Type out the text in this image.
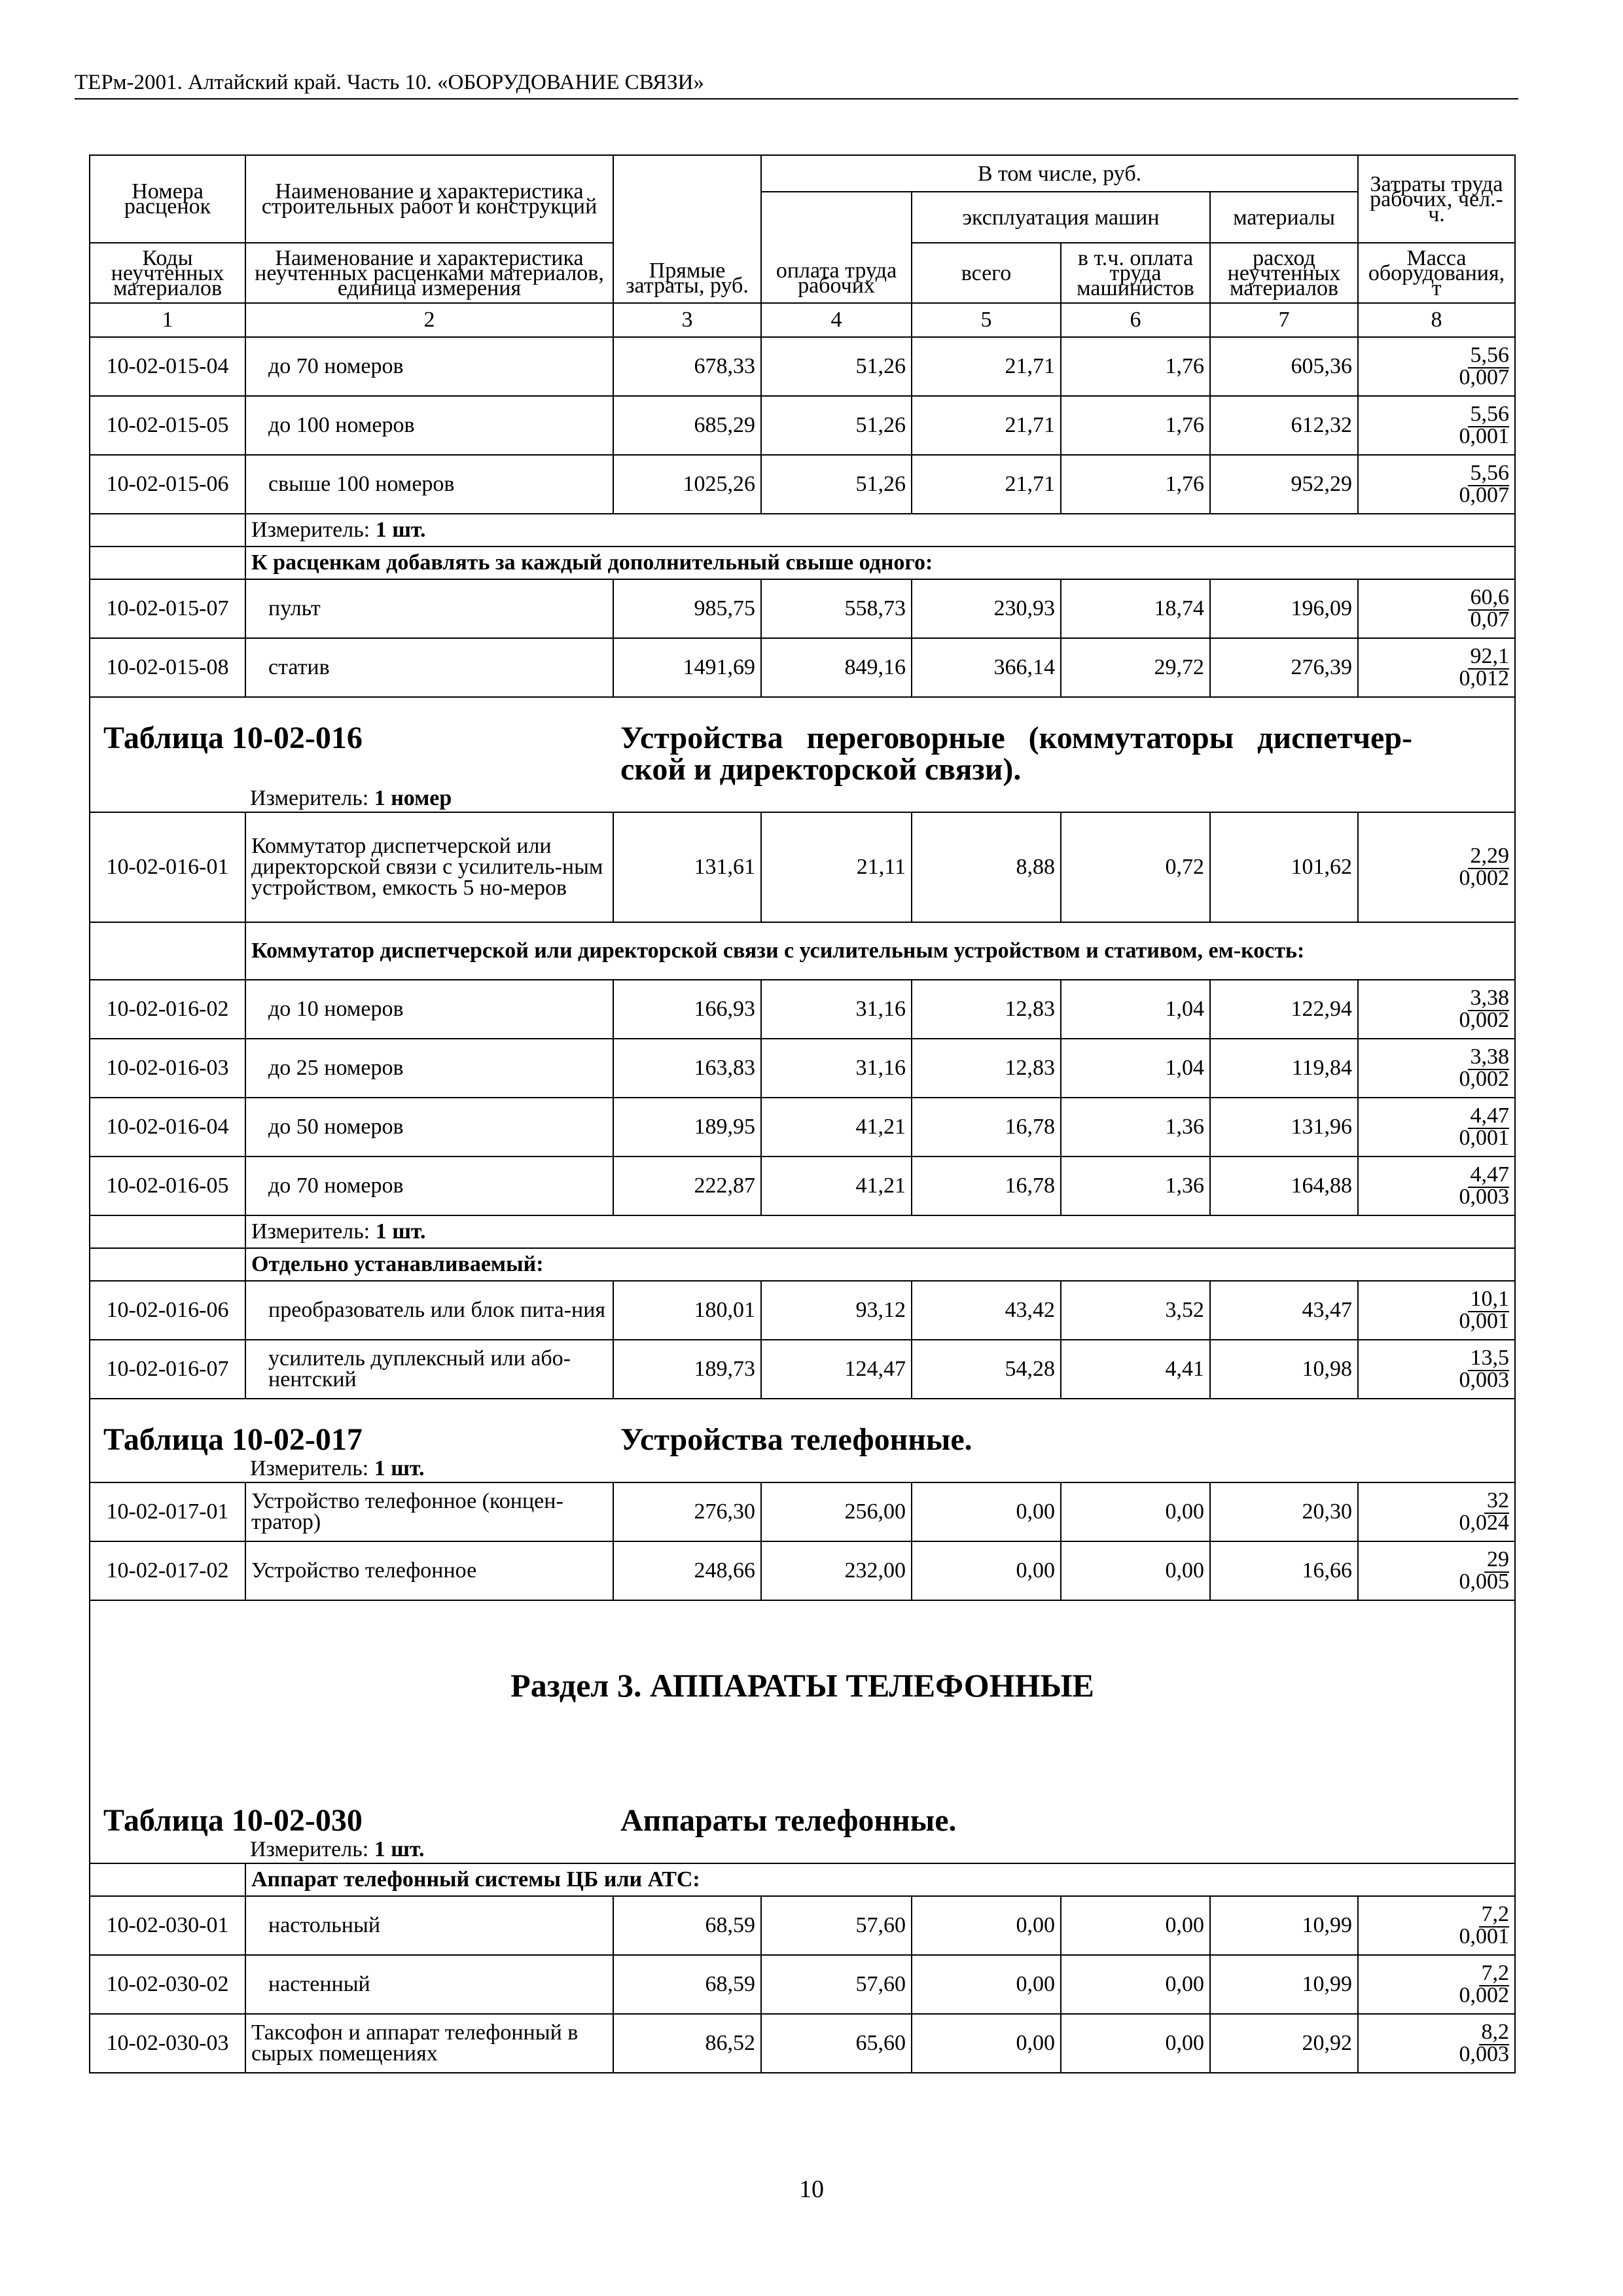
ТЕРм-2001. Алтайский край. Часть 10. «ОБОРУДОВАНИЕ СВЯЗИ»
Номера расценок	Наименование и характеристика строительных работ и конструкций	Прямые затраты, руб.	В том числе, руб.				Затраты труда рабочих, чел.-ч.
			оплата труда рабочих	эксплуатация машин		материалы	
Коды неучтенных материалов	Наименование и характеристика неучтенных расценками материалов, единица измерения			всего	в т.ч. оплата труда машинистов	расход неучтенных материалов	Масса оборудования, т
1	2	3	4	5	6	7	8
10-02-015-04	до 70 номеров	678,33	51,26	21,71	1,76	605,36	5,56
0,007

10-02-015-05	до 100 номеров	685,29	51,26	21,71	1,76	612,32	5,56
0,001

10-02-015-06	свыше 100 номеров	1025,26	51,26	21,71	1,76	952,29	5,56
0,007

	Измеритель: 1 шт.						
	К расценкам добавлять за каждый дополнительный свыше одного:						
10-02-015-07	пульт	985,75	558,73	230,93	18,74	196,09	60,6
0,07

10-02-015-08	статив	1491,69	849,16	366,14	29,72	276,39	92,1
0,012

Таблица 10-02-016 Устройства переговорные (коммутаторы диспетчер-ской и директорской связи).
Измеритель: 1 номер							

10-02-016-01	Коммутатор диспетчерской или директорской связи с усилитель-ным устройством, емкость 5 но-меров	131,61	21,11	8,88	0,72	101,62	2,29
0,002

	Коммутатор диспетчерской или директорской связи с усилительным устройством и стативом, ем-кость:						
10-02-016-02	до 10 номеров	166,93	31,16	12,83	1,04	122,94	3,38
0,002

10-02-016-03	до 25 номеров	163,83	31,16	12,83	1,04	119,84	3,38
0,002

10-02-016-04	до 50 номеров	189,95	41,21	16,78	1,36	131,96	4,47
0,001

10-02-016-05	до 70 номеров	222,87	41,21	16,78	1,36	164,88	4,47
0,003

	Измеритель: 1 шт.						
	Отдельно устанавливаемый:						
10-02-016-06	преобразователь или блок пита-ния	180,01	93,12	43,42	3,52	43,47	10,1
0,001

10-02-016-07	усилитель дуплексный или або-нентский	189,73	124,47	54,28	4,41	10,98	13,5
0,003

Таблица 10-02-017 Устройства телефонные.
Измеритель: 1 шт.							

10-02-017-01	Устройство телефонное (концен-тратор)	276,30	256,00	0,00	0,00	20,30	32
0,024

10-02-017-02	Устройство телефонное	248,66	232,00	0,00	0,00	16,66	29
0,005

Раздел 3. АППАРАТЫ ТЕЛЕФОННЫЕ
Таблица 10-02-030 Аппараты телефонные.
Измеритель: 1 шт.							

	Аппарат телефонный системы ЦБ или АТС:						
10-02-030-01	настольный	68,59	57,60	0,00	0,00	10,99	7,2
0,001

10-02-030-02	настенный	68,59	57,60	0,00	0,00	10,99	7,2
0,002

10-02-030-03	Таксофон и аппарат телефонный в сырых помещениях	86,52	65,60	0,00	0,00	20,92	8,2
0,003
10
